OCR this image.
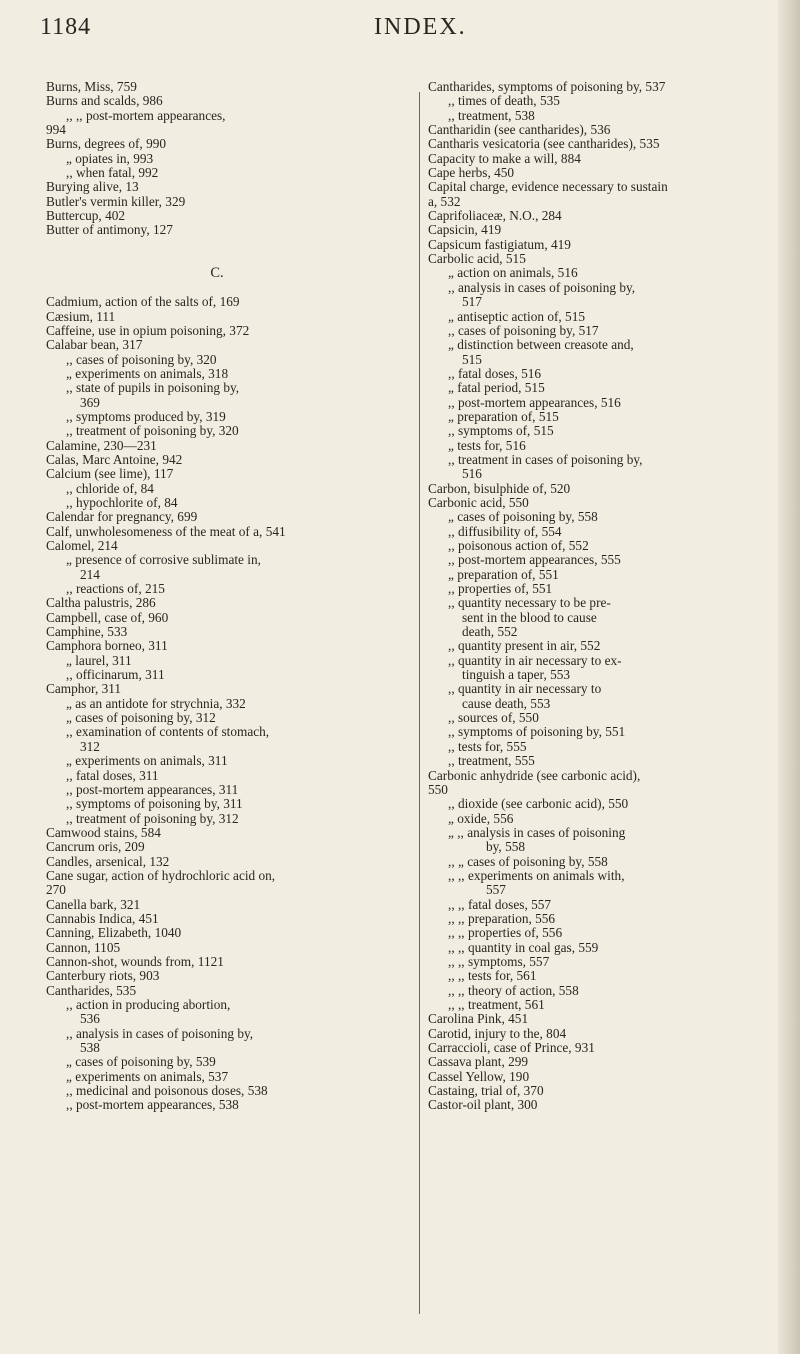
1184	INDEX.
Burns, Miss, 759
Burns and scalds, 986
,, ,, post-mortem appearances,
994
Burns, degrees of, 990
„ opiates in, 993
,, when fatal, 992
Burying alive, 13
Butler's vermin killer, 329
Buttercup, 402
Butter of antimony, 127
C.
Cadmium, action of the salts of, 169
Cæsium, 111
Caffeine, use in opium poisoning, 372
Calabar bean, 317
,, cases of poisoning by, 320
„ experiments on animals, 318
,, state of pupils in poisoning by,
369
,, symptoms produced by, 319
,, treatment of poisoning by, 320
Calamine, 230—231
Calas, Marc Antoine, 942
Calcium (see lime), 117
,, chloride of, 84
,, hypochlorite of, 84
Calendar for pregnancy, 699
Calf, unwholesomeness of the meat of a, 541
Calomel, 214
„ presence of corrosive sublimate in,
214
,, reactions of, 215
Caltha palustris, 286
Campbell, case of, 960
Camphine, 533
Camphora borneo, 311
„ laurel, 311
,, officinarum, 311
Camphor, 311
„ as an antidote for strychnia, 332
„ cases of poisoning by, 312
,, examination of contents of stomach,
312
„ experiments on animals, 311
,, fatal doses, 311
,, post-mortem appearances, 311
,, symptoms of poisoning by, 311
,, treatment of poisoning by, 312
Camwood stains, 584
Cancrum oris, 209
Candles, arsenical, 132
Cane sugar, action of hydrochloric acid on,
270
Canella bark, 321
Cannabis Indica, 451
Canning, Elizabeth, 1040
Cannon, 1105
Cannon-shot, wounds from, 1121
Canterbury riots, 903
Cantharides, 535
,, action in producing abortion,
536
,, analysis in cases of poisoning by,
538
„ cases of poisoning by, 539
„ experiments on animals, 537
,, medicinal and poisonous doses, 538
,, post-mortem appearances, 538
Cantharides, symptoms of poisoning by, 537
,, times of death, 535
,, treatment, 538
Cantharidin (see cantharides), 536
Cantharis vesicatoria (see cantharides), 535
Capacity to make a will, 884
Cape herbs, 450
Capital charge, evidence necessary to sustain
a, 532
Caprifoliaceæ, N.O., 284
Capsicin, 419
Capsicum fastigiatum, 419
Carbolic acid, 515
„ action on animals, 516
,, analysis in cases of poisoning by,
517
„ antiseptic action of, 515
,, cases of poisoning by, 517
„ distinction between creasote and,
515
,, fatal doses, 516
„ fatal period, 515
,, post-mortem appearances, 516
„ preparation of, 515
,, symptoms of, 515
„ tests for, 516
,, treatment in cases of poisoning by,
516
Carbon, bisulphide of, 520
Carbonic acid, 550
„ cases of poisoning by, 558
,, diffusibility of, 554
,, poisonous action of, 552
,, post-mortem appearances, 555
„ preparation of, 551
,, properties of, 551
,, quantity necessary to be pre-
sent in the blood to cause
death, 552
,, quantity present in air, 552
,, quantity in air necessary to ex-
tinguish a taper, 553
,, quantity in air necessary to
cause death, 553
,, sources of, 550
,, symptoms of poisoning by, 551
,, tests for, 555
,, treatment, 555
Carbonic anhydride (see carbonic acid),
550
,, dioxide (see carbonic acid), 550
„ oxide, 556
„ ,, analysis in cases of poisoning
by, 558
,, „ cases of poisoning by, 558
,, ,, experiments on animals with,
557
,, ,, fatal doses, 557
,, ,, preparation, 556
,, ,, properties of, 556
,, ,, quantity in coal gas, 559
,, ,, symptoms, 557
,, ,, tests for, 561
,, ,, theory of action, 558
,, ,, treatment, 561
Carolina Pink, 451
Carotid, injury to the, 804
Carraccioli, case of Prince, 931
Cassava plant, 299
Cassel Yellow, 190
Castaing, trial of, 370
Castor-oil plant, 300
